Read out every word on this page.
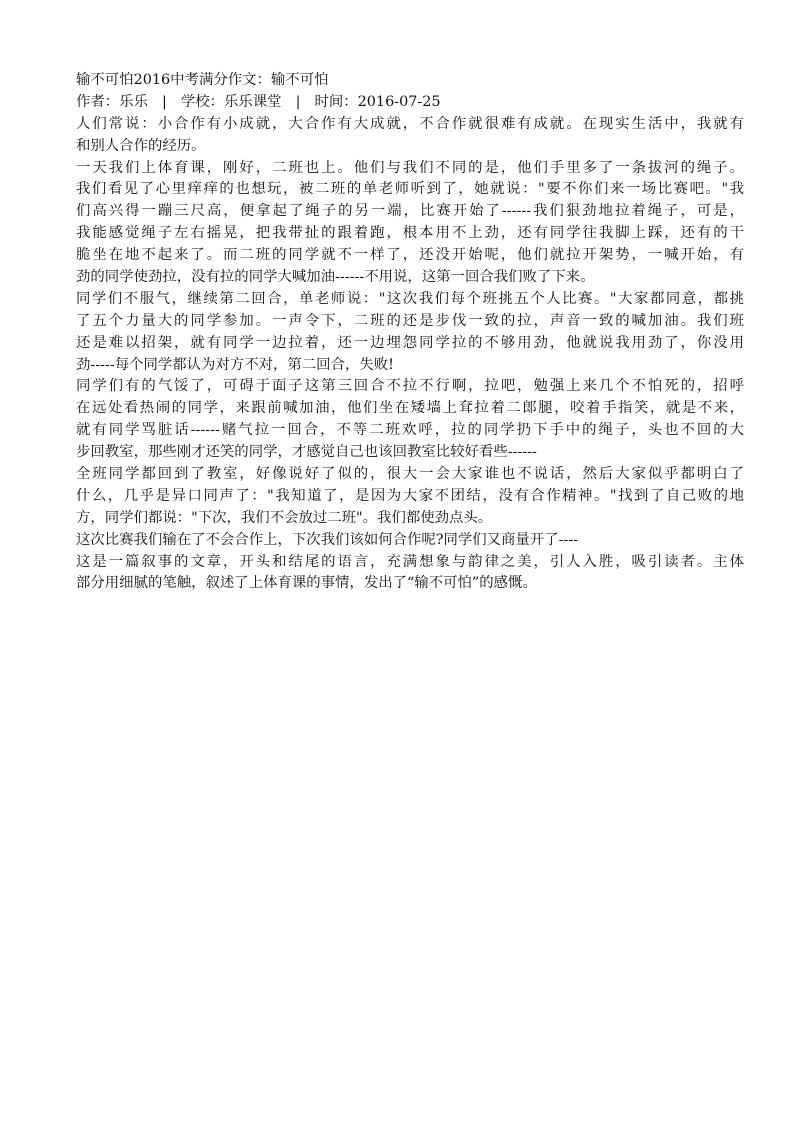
输不可怕2016中考满分作文：输不可怕
作者：乐乐 | 学校：乐乐课堂 | 时间：2016-07-25
人们常说：小合作有小成就，大合作有大成就，不合作就很难有成就。在现实生活中，我就有
和别人合作的经历。
一天我们上体育课，刚好，二班也上。他们与我们不同的是，他们手里多了一条拔河的绳子。
我们看见了心里痒痒的也想玩，被二班的单老师听到了，她就说："要不你们来一场比赛吧。"我
们高兴得一蹦三尺高，便拿起了绳子的另一端，比赛开始了------我们狠劲地拉着绳子，可是，
我能感觉绳子左右摇晃，把我带扯的跟着跑，根本用不上劲，还有同学往我脚上踩，还有的干
脆坐在地不起来了。而二班的同学就不一样了，还没开始呢，他们就拉开架势，一喊开始，有
劲的同学使劲拉，没有拉的同学大喊加油------不用说，这第一回合我们败了下来。
同学们不服气，继续第二回合，单老师说："这次我们每个班挑五个人比赛。"大家都同意，都挑
了五个力量大的同学参加。一声令下，二班的还是步伐一致的拉，声音一致的喊加油。我们班
还是难以招架，就有同学一边拉着，还一边埋怨同学拉的不够用劲，他就说我用劲了，你没用
劲-----每个同学都认为对方不对，第二回合，失败!
同学们有的气馁了，可碍于面子这第三回合不拉不行啊，拉吧，勉强上来几个不怕死的，招呼
在远处看热闹的同学，来跟前喊加油，他们坐在矮墙上耷拉着二郎腿，咬着手指笑，就是不来，
就有同学骂脏话------赌气拉一回合，不等二班欢呼，拉的同学扔下手中的绳子，头也不回的大
步回教室，那些刚才还笑的同学，才感觉自己也该回教室比较好看些------
全班同学都回到了教室，好像说好了似的，很大一会大家谁也不说话，然后大家似乎都明白了
什么，几乎是异口同声了："我知道了，是因为大家不团结，没有合作精神。"找到了自己败的地
方，同学们都说："下次，我们不会放过二班"。我们都使劲点头。
这次比赛我们输在了不会合作上，下次我们该如何合作呢?同学们又商量开了----
这是一篇叙事的文章，开头和结尾的语言，充满想象与韵律之美，引人入胜，吸引读者。主体
部分用细腻的笔触，叙述了上体育课的事情，发出了“输不可怕”的感慨。
